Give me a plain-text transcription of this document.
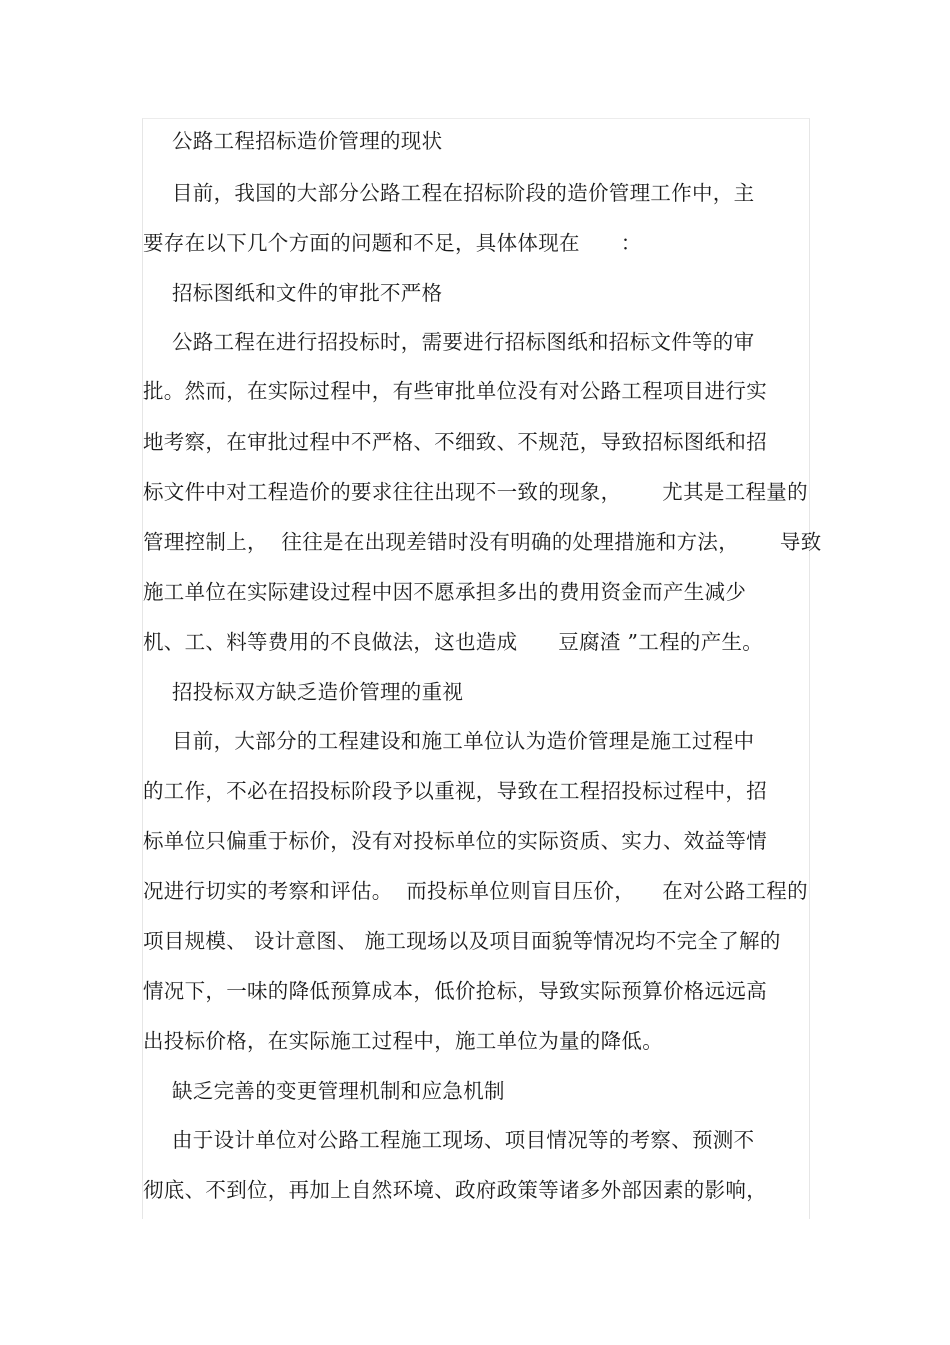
公路工程招标造价管理的现状
目前，我国的大部分公路工程在招标阶段的造价管理工作中，主
要存在以下几个方面的问题和不足，具体体现在      ：
招标图纸和文件的审批不严格
公路工程在进行招投标时，需要进行招标图纸和招标文件等的审
批。然而，在实际过程中，有些审批单位没有对公路工程项目进行实
地考察，在审批过程中不严格、不细致、不规范，导致招标图纸和招
标文件中对工程造价的要求往往出现不一致的现象，      尤其是工程量的
管理控制上，  往往是在出现差错时没有明确的处理措施和方法，      导致
施工单位在实际建设过程中因不愿承担多出的费用资金而产生减少
机、工、料等费用的不良做法，这也造成      豆腐渣 ”工程的产生。
招投标双方缺乏造价管理的重视
目前，大部分的工程建设和施工单位认为造价管理是施工过程中
的工作，不必在招投标阶段予以重视，导致在工程招投标过程中，招
标单位只偏重于标价，没有对投标单位的实际资质、实力、效益等情
况进行切实的考察和评估。  而投标单位则盲目压价，    在对公路工程的
项目规模、 设计意图、 施工现场以及项目面貌等情况均不完全了解的
情况下，一味的降低预算成本，低价抢标，导致实际预算价格远远高
出投标价格，在实际施工过程中，施工单位为量的降低。
缺乏完善的变更管理机制和应急机制
由于设计单位对公路工程施工现场、项目情况等的考察、预测不
彻底、不到位，再加上自然环境、政府政策等诸多外部因素的影响，
